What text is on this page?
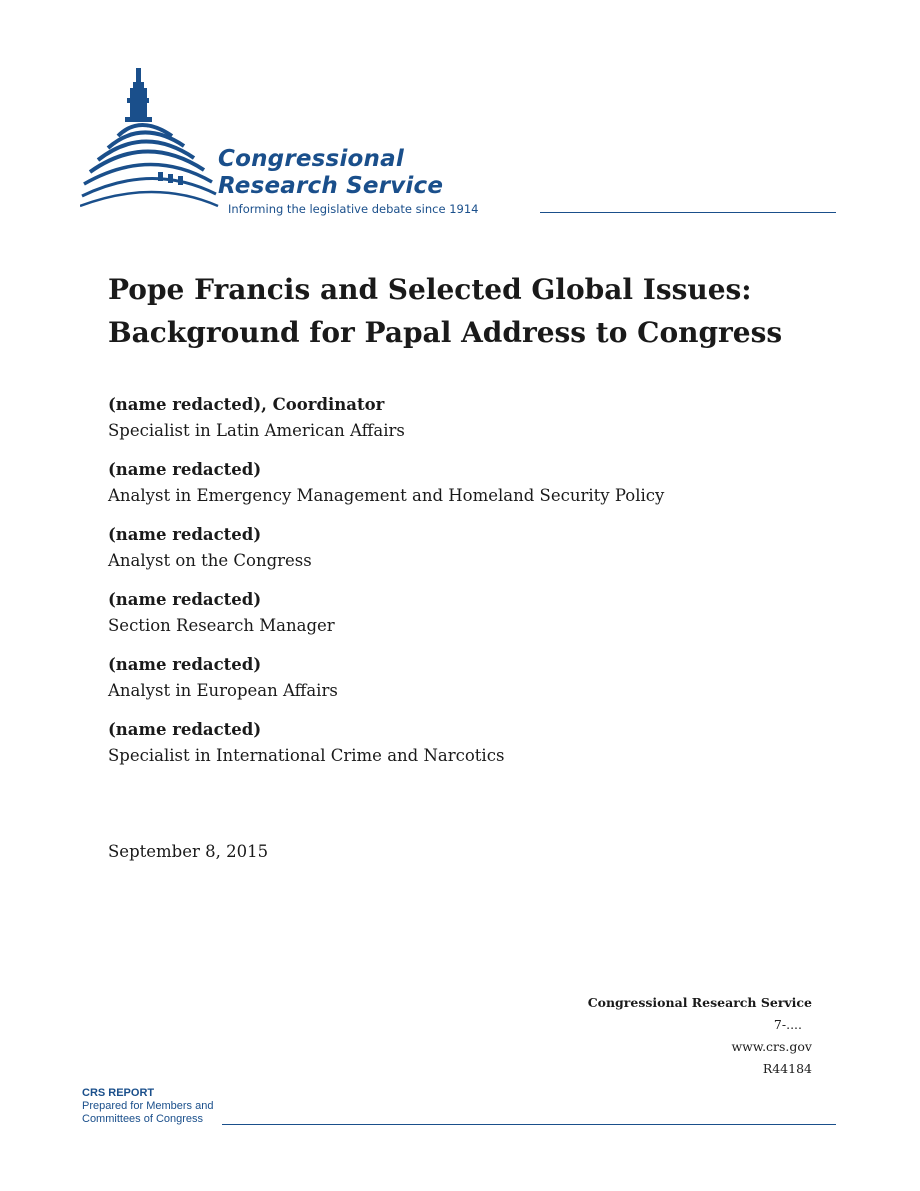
Congressional
Research Service
Informing the legislative debate since 1914
Pope Francis and Selected Global Issues:
Background for Papal Address to Congress
(name redacted), Coordinator
Specialist in Latin American Affairs
(name redacted)
Analyst in Emergency Management and Homeland Security Policy
(name redacted)
Analyst on the Congress
(name redacted)
Section Research Manager
(name redacted)
Analyst in European Affairs
(name redacted)
Specialist in International Crime and Narcotics
September 8, 2015
Congressional Research Service
7-....
www.crs.gov
R44184
CRS REPORT
Prepared for Members and
Committees of Congress
